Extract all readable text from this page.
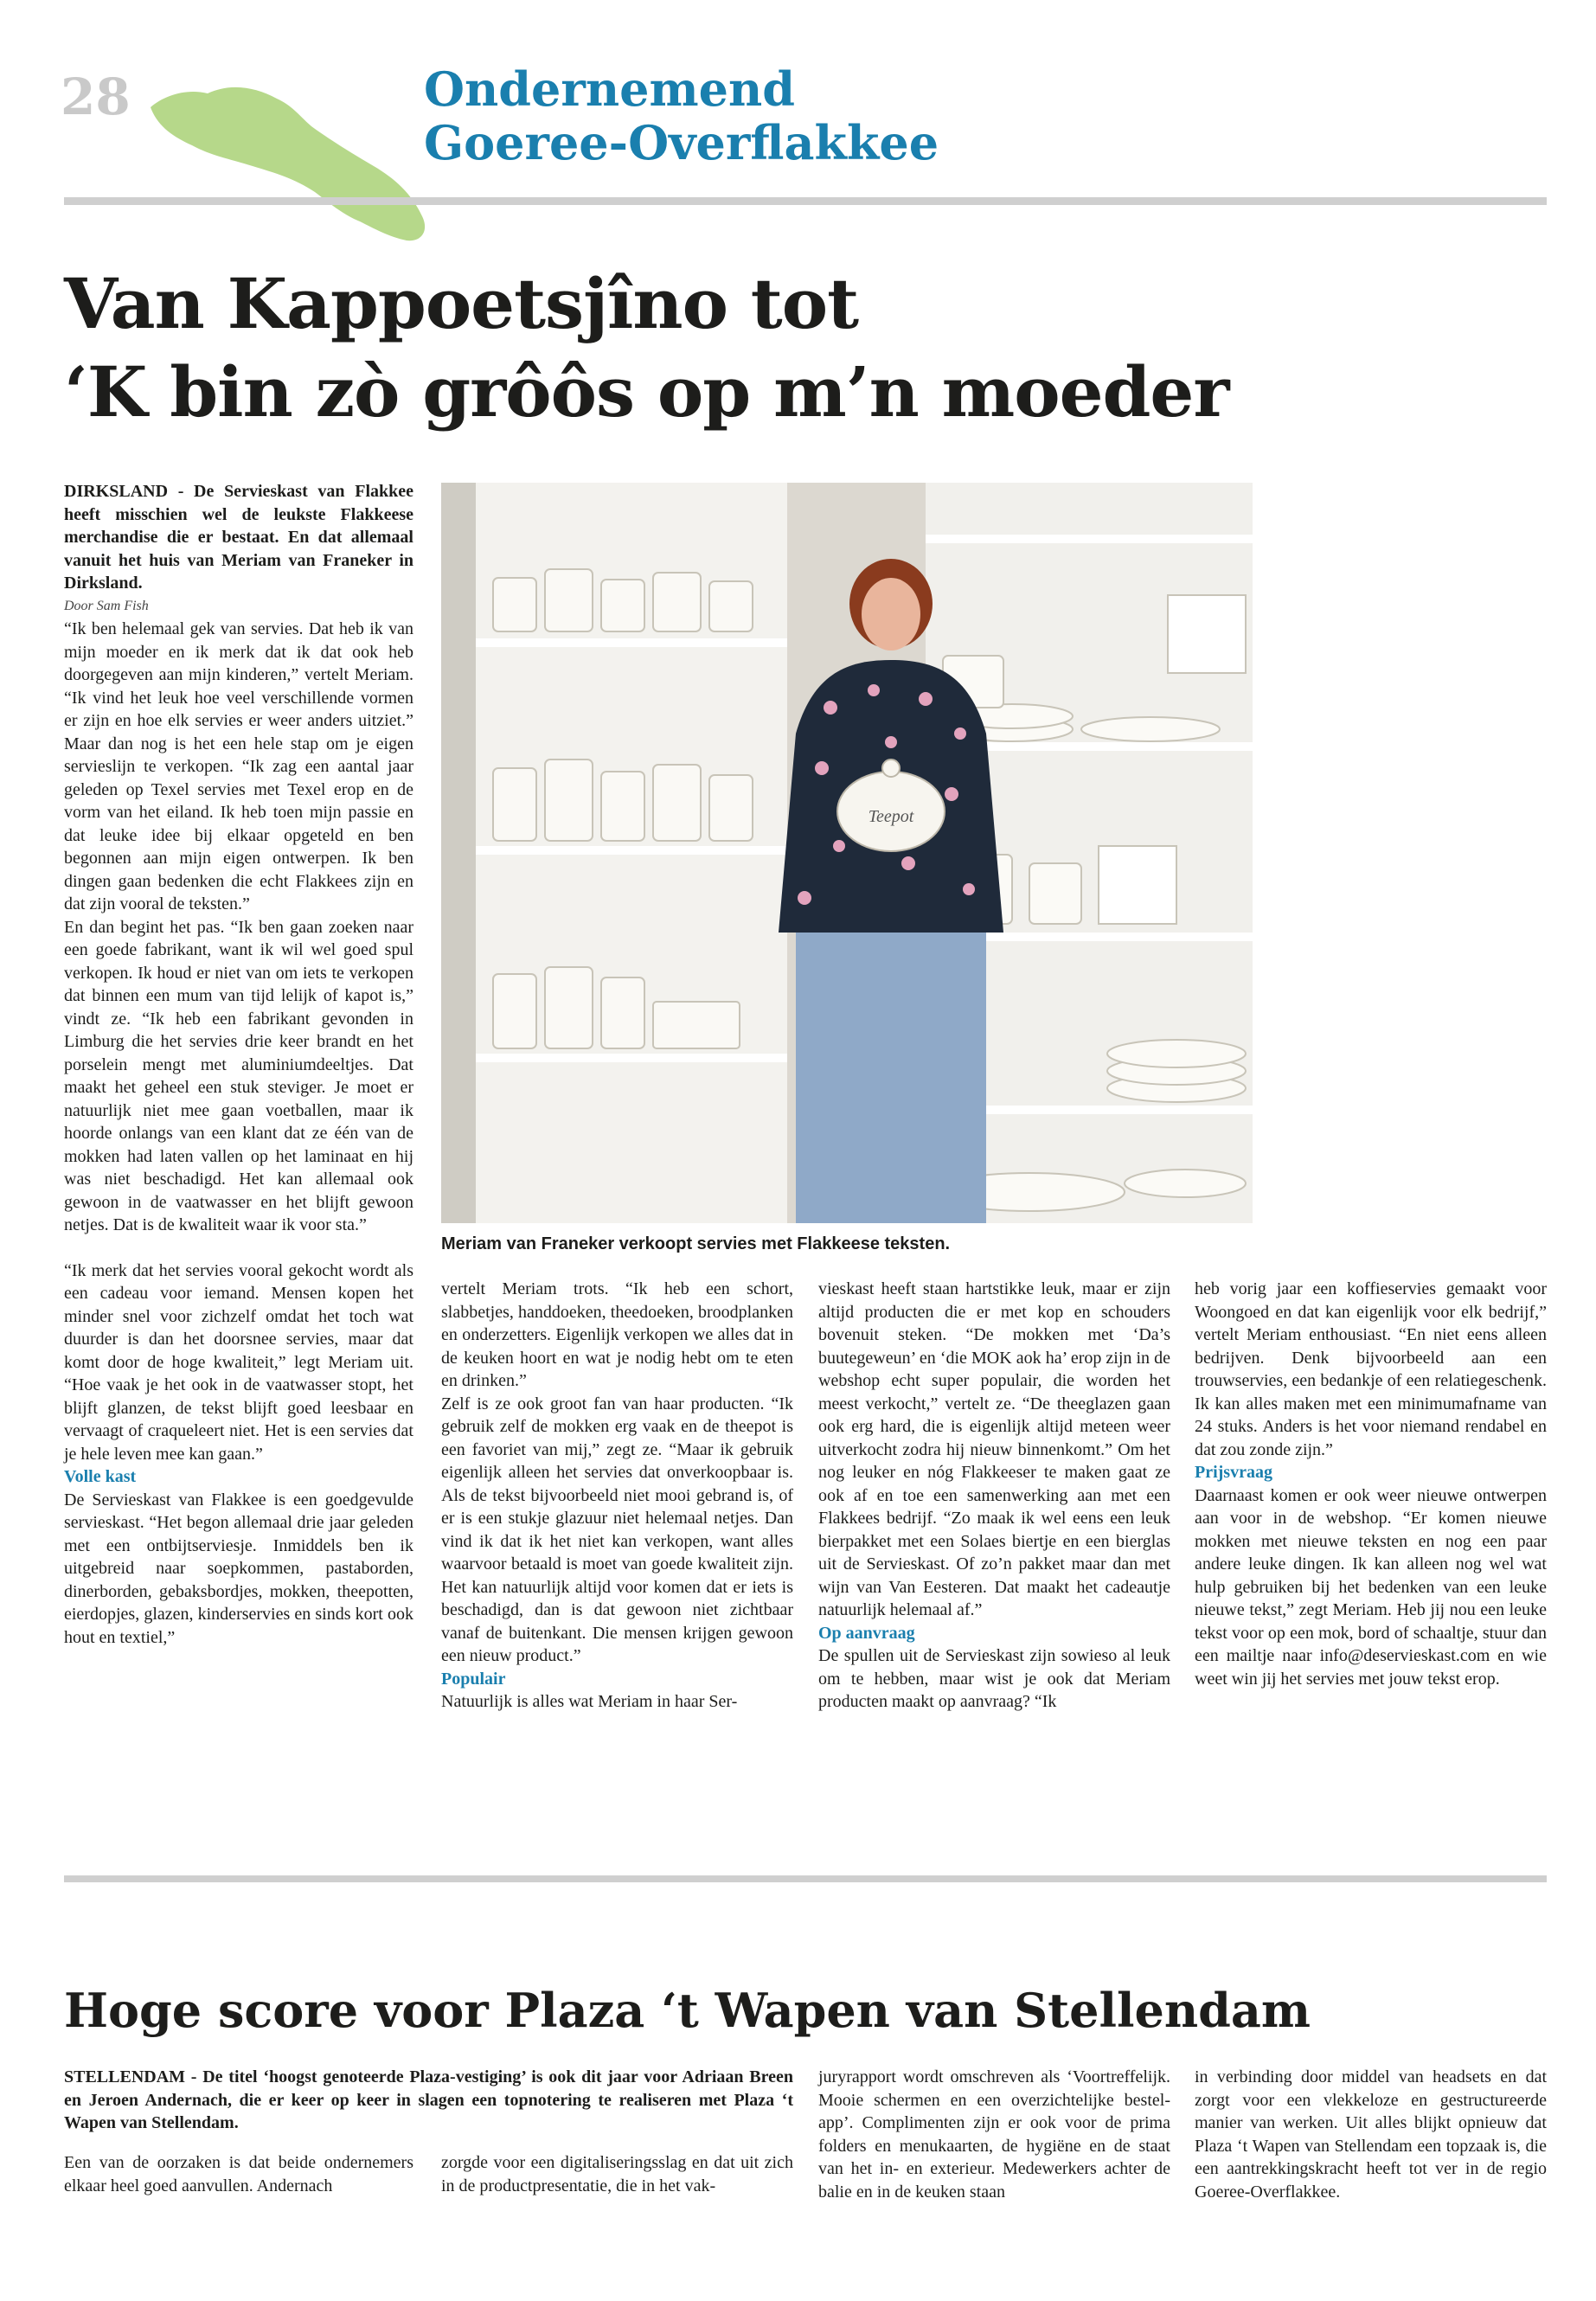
28	Ondernemend
Goeree-Overflakkee
Van Kappoetsjîno tot
‘K bin zò grôôs op m’n moeder

DIRKSLAND - De Servieskast van Flakkee heeft misschien wel de leukste Flakkeese merchandise die er bestaat. En dat allemaal vanuit het huis van Meriam van Franeker in Dirksland.

Door Sam Fish

“Ik ben helemaal gek van servies. Dat heb ik van mijn moeder en ik merk dat ik dat ook heb doorgegeven aan mijn kinderen,” vertelt Meriam. “Ik vind het leuk hoe veel verschillende vormen er zijn en hoe elk servies er weer anders uitziet.” Maar dan nog is het een hele stap om je eigen servieslijn te verkopen. “Ik zag een aantal jaar geleden op Texel servies met Texel erop en de vorm van het eiland. Ik heb toen mijn passie en dat leuke idee bij elkaar opgeteld en ben begonnen aan mijn eigen ontwerpen. Ik ben dingen gaan bedenken die echt Flakkees zijn en dat zijn vooral de teksten.”

En dan begint het pas. “Ik ben gaan zoeken naar een goede fabrikant, want ik wil wel goed spul verkopen. Ik houd er niet van om iets te verkopen dat binnen een mum van tijd lelijk of kapot is,” vindt ze. “Ik heb een fabrikant gevonden in Limburg die het servies drie keer brandt en het porselein mengt met aluminiumdeeltjes. Dat maakt het geheel een stuk steviger. Je moet er natuurlijk niet mee gaan voetballen, maar ik hoorde onlangs van een klant dat ze één van de mokken had laten vallen op het laminaat en hij was niet beschadigd. Het kan allemaal ook gewoon in de vaatwasser en het blijft gewoon netjes. Dat is de kwaliteit waar ik voor sta.”

“Ik merk dat het servies vooral gekocht wordt als een cadeau voor iemand. Mensen kopen het minder snel voor zichzelf omdat het toch wat duurder is dan het doorsnee servies, maar dat komt door de hoge kwaliteit,” legt Meriam uit. “Hoe vaak je het ook in de vaatwasser stopt, het blijft glanzen, de tekst blijft goed leesbaar en vervaagt of craqueleert niet. Het is een servies dat je hele leven mee kan gaan.”

Volle kast

De Servieskast van Flakkee is een goedgevulde servieskast. “Het begon allemaal drie jaar geleden met een ontbijtserviesje. Inmiddels ben ik uitgebreid naar soepkommen, pastaborden, dinerborden, gebaksbordjes, mokken, theepotten, eierdopjes, glazen, kinderservies en sinds kort ook hout en textiel,”

Teepot
Meriam van Franeker verkoopt servies met Flakkeese teksten.

vertelt Meriam trots. “Ik heb een schort, slabbetjes, handdoeken, theedoeken, broodplanken en onderzetters. Eigenlijk verkopen we alles dat in de keuken hoort en wat je nodig hebt om te eten en drinken.”

Zelf is ze ook groot fan van haar producten. “Ik gebruik zelf de mokken erg vaak en de theepot is een favoriet van mij,” zegt ze. “Maar ik gebruik eigenlijk alleen het servies dat onverkoopbaar is. Als de tekst bijvoorbeeld niet mooi gebrand is, of er is een stukje glazuur niet helemaal netjes. Dan vind ik dat ik het niet kan verkopen, want alles waarvoor betaald is moet van goede kwaliteit zijn. Het kan natuurlijk altijd voor komen dat er iets is beschadigd, dan is dat gewoon niet zichtbaar vanaf de buitenkant. Die mensen krijgen gewoon een nieuw product.”

Populair

Natuurlijk is alles wat Meriam in haar Ser-

vieskast heeft staan hartstikke leuk, maar er zijn altijd producten die er met kop en schouders bovenuit steken. “De mokken met ‘Da’s buutegeweun’ en ‘die MOK aok ha’ erop zijn in de webshop echt super populair, die worden het meest verkocht,” vertelt ze. “De theeglazen gaan ook erg hard, die is eigenlijk altijd meteen weer uitverkocht zodra hij nieuw binnenkomt.” Om het nog leuker en nóg Flakkeeser te maken gaat ze ook af en toe een samenwerking aan met een Flakkees bedrijf. “Zo maak ik wel eens een leuk bierpakket met een Solaes biertje en een bierglas uit de Servieskast. Of zo’n pakket maar dan met wijn van Van Eesteren. Dat maakt het cadeautje natuurlijk helemaal af.”

Op aanvraag

De spullen uit de Servieskast zijn sowieso al leuk om te hebben, maar wist je ook dat Meriam producten maakt op aanvraag? “Ik

heb vorig jaar een koffieservies gemaakt voor Woongoed en dat kan eigenlijk voor elk bedrijf,” vertelt Meriam enthousiast. “En niet eens alleen bedrijven. Denk bijvoorbeeld aan een trouwservies, een bedankje of een relatiegeschenk. Ik kan alles maken met een minimumafname van 24 stuks. Anders is het voor niemand rendabel en dat zou zonde zijn.”

Prijsvraag

Daarnaast komen er ook weer nieuwe ontwerpen aan voor in de webshop. “Er komen nieuwe mokken met nieuwe teksten en nog een paar andere leuke dingen. Ik kan alleen nog wel wat hulp gebruiken bij het bedenken van een leuke nieuwe tekst,” zegt Meriam. Heb jij nou een leuke tekst voor op een mok, bord of schaaltje, stuur dan een mailtje naar info@deservieskast.com en wie weet win jij het servies met jouw tekst erop.

Hoge score voor Plaza ‘t Wapen van Stellendam
STELLENDAM - De titel ‘hoogst genoteerde Plaza-vestiging’ is ook dit jaar voor Adriaan Breen en Jeroen Andernach, die er keer op keer in slagen een topnotering te realiseren met Plaza ‘t Wapen van Stellendam.
Een van de oorzaken is dat beide ondernemers elkaar heel goed aanvullen. Andernach
zorgde voor een digitaliseringsslag en dat uit zich in de productpresentatie, die in het vak-
juryrapport wordt omschreven als ‘Voortreffelijk. Mooie schermen en een overzichtelijke bestel-app’. Complimenten zijn er ook voor de prima folders en menukaarten, de hygiëne en de staat van het in- en exterieur. Medewerkers achter de balie en in de keuken staan
in verbinding door middel van headsets en dat zorgt voor een vlekkeloze en gestructureerde manier van werken. Uit alles blijkt opnieuw dat Plaza ‘t Wapen van Stellendam een topzaak is, die een aantrekkingskracht heeft tot ver in de regio Goeree-Overflakkee.
